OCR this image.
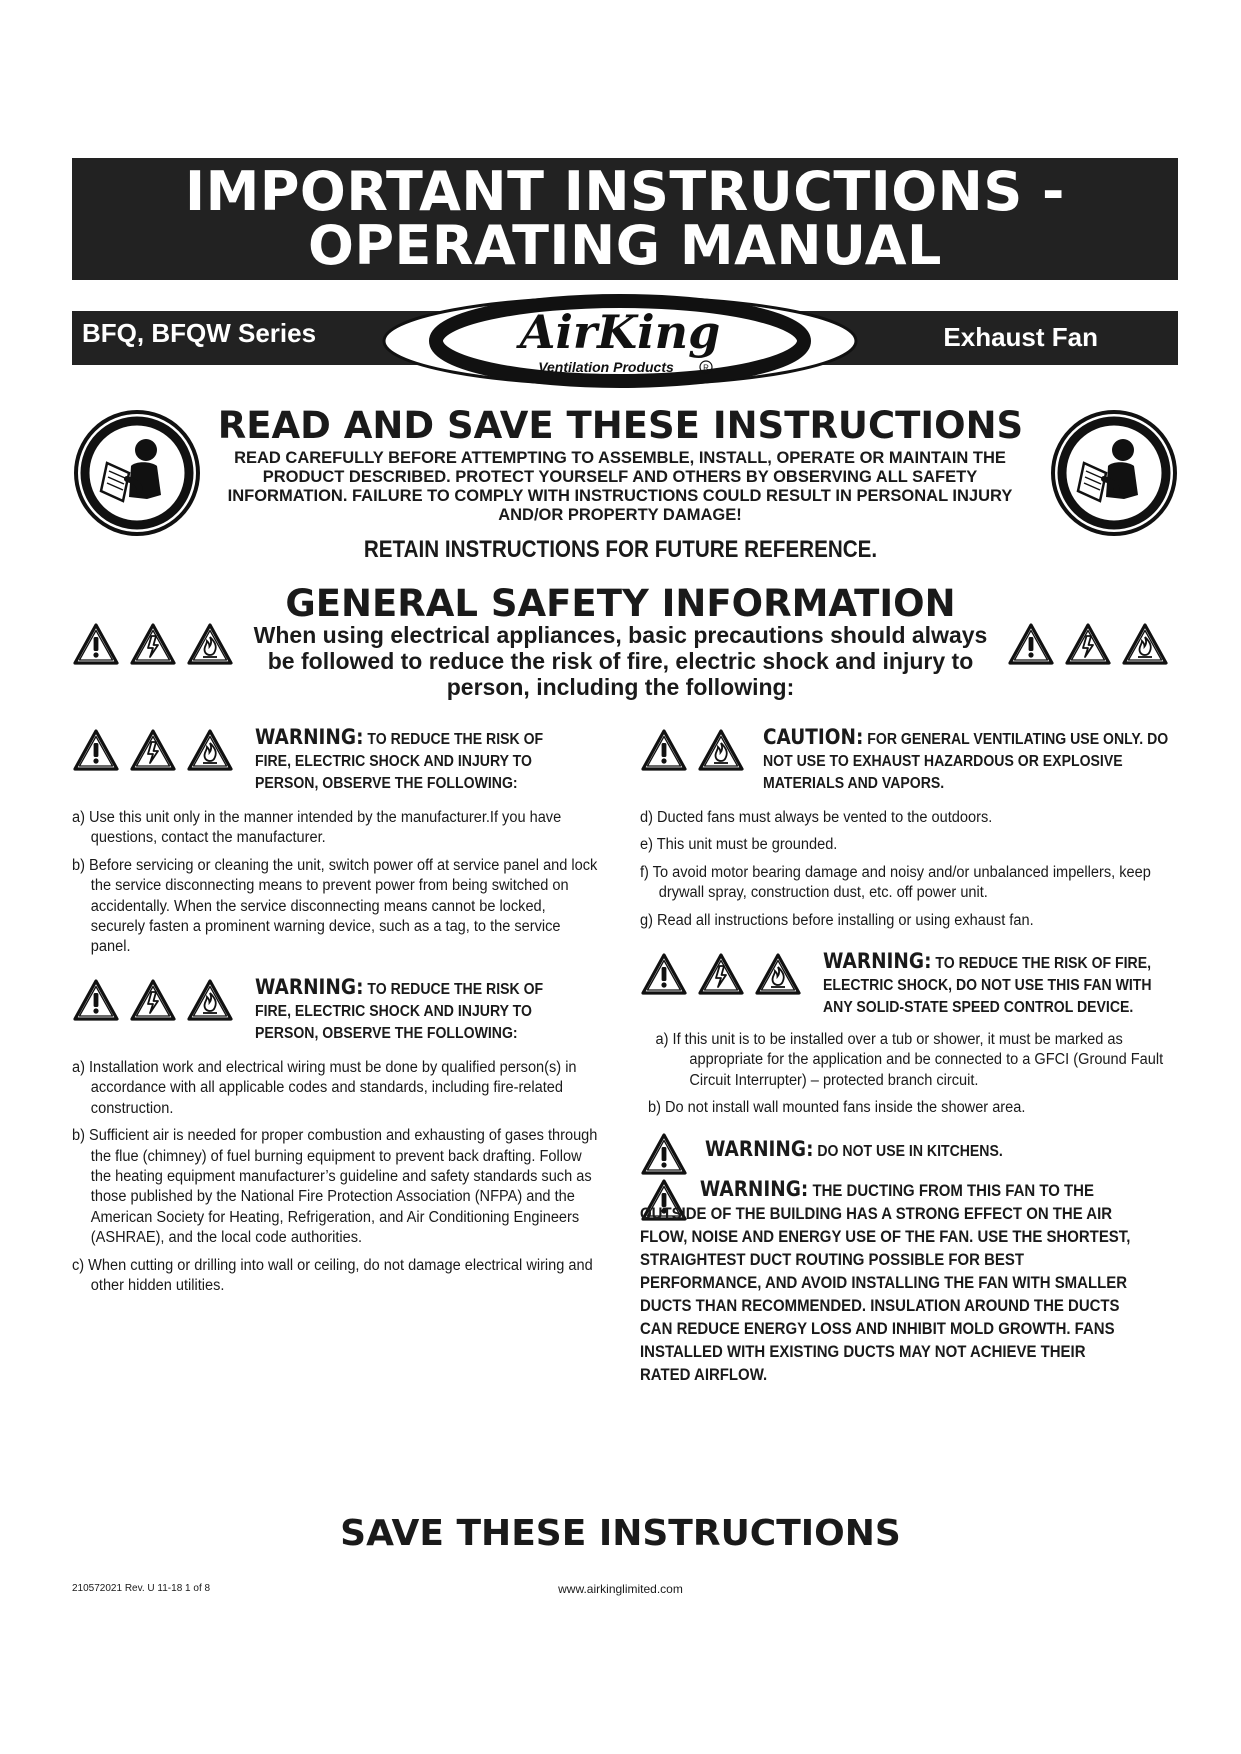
IMPORTANT INSTRUCTIONS -
OPERATING MANUAL
BFQ, BFQW Series	Exhaust Fan
AirKing
Ventilation Products	R
READ AND SAVE THESE INSTRUCTIONS
READ CAREFULLY BEFORE ATTEMPTING TO ASSEMBLE, INSTALL, OPERATE OR MAINTAIN THE PRODUCT DESCRIBED. PROTECT YOURSELF AND OTHERS BY OBSERVING ALL SAFETY INFORMATION. FAILURE TO COMPLY WITH INSTRUCTIONS COULD RESULT IN PERSONAL INJURY AND/OR PROPERTY DAMAGE!
RETAIN INSTRUCTIONS FOR FUTURE REFERENCE.
GENERAL SAFETY INFORMATION
When using electrical appliances, basic precautions should always be followed to reduce the risk of fire, electric shock and injury to person, including the following:
WARNING: TO REDUCE THE RISK OF FIRE, ELECTRIC SHOCK AND INJURY TO PERSON, OBSERVE THE FOLLOWING:
a) Use this unit only in the manner intended by the manufacturer.If you have questions, contact the manufacturer.
b) Before servicing or cleaning the unit, switch power off at service panel and lock the service disconnecting means to prevent power from being switched on accidentally. When the service disconnecting means cannot be locked, securely fasten a prominent warning device, such as a tag, to the service panel.
WARNING: TO REDUCE THE RISK OF FIRE, ELECTRIC SHOCK AND INJURY TO PERSON, OBSERVE THE FOLLOWING:
a) Installation work and electrical wiring must be done by qualified person(s) in accordance with all applicable codes and standards, including fire-related construction.
b) Sufficient air is needed for proper combustion and exhausting of gases through the flue (chimney) of fuel burning equipment to prevent back drafting. Follow the heating equipment manufacturer’s guideline and safety standards such as those published by the National Fire Protection Association (NFPA) and the American Society for Heating, Refrigeration, and Air Conditioning Engineers (ASHRAE), and the local code authorities.
c) When cutting or drilling into wall or ceiling, do not damage electrical wiring and other hidden utilities.
CAUTION: FOR GENERAL VENTILATING USE ONLY. DO NOT USE TO EXHAUST HAZARDOUS OR EXPLOSIVE MATERIALS AND VAPORS.
d) Ducted fans must always be vented to the outdoors.
e) This unit must be grounded.
f) To avoid motor bearing damage and noisy and/or unbalanced impellers, keep drywall spray, construction dust, etc. off power unit.
g) Read all instructions before installing or using exhaust fan.
WARNING: TO REDUCE THE RISK OF FIRE, ELECTRIC SHOCK, DO NOT USE THIS FAN WITH ANY SOLID-STATE SPEED CONTROL DEVICE.
a) If this unit is to be installed over a tub or shower, it must be marked as appropriate for the application and be connected to a GFCI (Ground Fault Circuit Interrupter) – protected branch circuit.
b) Do not install wall mounted fans inside the shower area.
WARNING: DO NOT USE IN KITCHENS.
WARNING: THE DUCTING FROM THIS FAN TO THE OUTSIDE OF THE BUILDING HAS A STRONG EFFECT ON THE AIR FLOW, NOISE AND ENERGY USE OF THE FAN. USE THE SHORTEST, STRAIGHTEST DUCT ROUTING POSSIBLE FOR BEST PERFORMANCE, AND AVOID INSTALLING THE FAN WITH SMALLER DUCTS THAN RECOMMENDED. INSULATION AROUND THE DUCTS CAN REDUCE ENERGY LOSS AND INHIBIT MOLD GROWTH. FANS INSTALLED WITH EXISTING DUCTS MAY NOT ACHIEVE THEIR RATED AIRFLOW.
SAVE THESE INSTRUCTIONS
210572021 Rev. U 11-18 1 of 8	www.airkinglimited.com
